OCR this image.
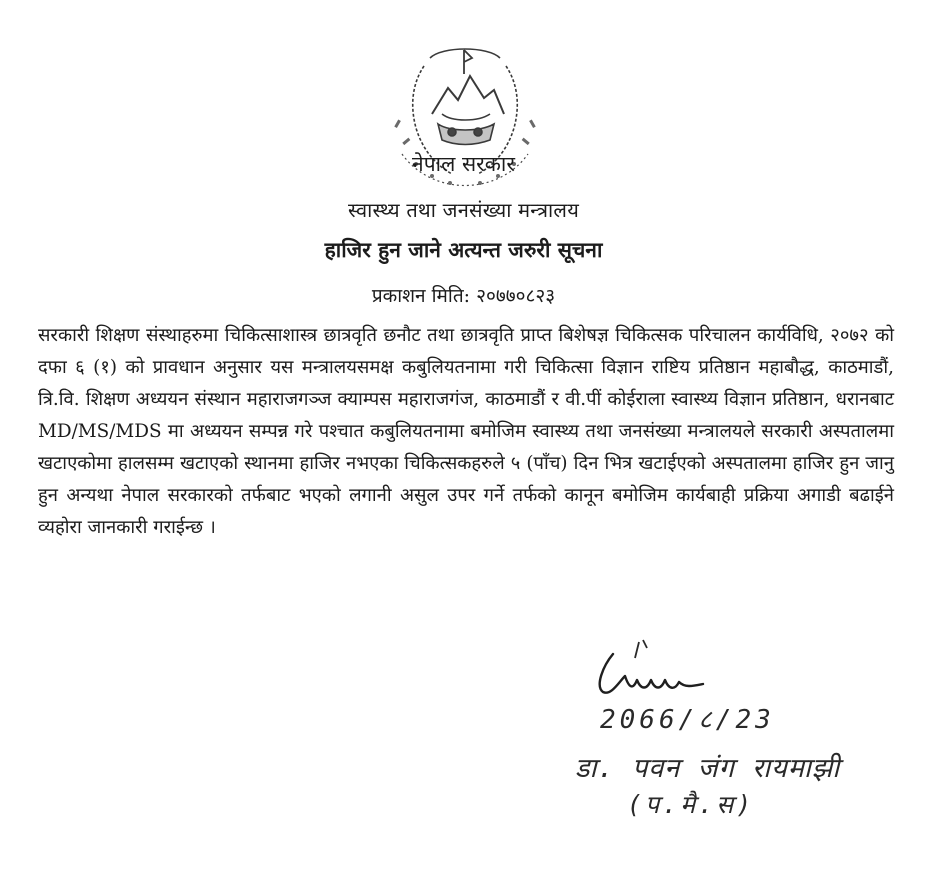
नेपाल सरकार
स्वास्थ्य तथा जनसंख्या मन्त्रालय
हाजिर हुन जाने अत्यन्त जरुरी सूचना
प्रकाशन मिति: २०७७०८२३
सरकारी शिक्षण संस्थाहरुमा चिकित्साशास्त्र छात्रवृति छनौट तथा छात्रवृति प्राप्त बिशेषज्ञ चिकित्सक परिचालन कार्यविधि, २०७२ को दफा ६ (१) को प्रावधान अनुसार यस मन्त्रालयसमक्ष कबुलियतनामा गरी चिकित्सा विज्ञान राष्टिय प्रतिष्ठान महाबौद्ध, काठमाडौं, त्रि.वि. शिक्षण अध्ययन संस्थान महाराजगञ्ज क्याम्पस महाराजगंज, काठमाडौं र वी.पीं कोईराला स्वास्थ्य विज्ञान प्रतिष्ठान, धरानबाट MD/MS/MDS मा अध्ययन सम्पन्न गरे पश्चात कबुलियतनामा बमोजिम स्वास्थ्य तथा जनसंख्या मन्त्रालयले सरकारी अस्पतालमा खटाएकोमा हालसम्म खटाएको स्थानमा हाजिर नभएका चिकित्सकहरुले ५ (पाँच) दिन भित्र खटाईएको अस्पतालमा हाजिर हुन जानु हुन अन्यथा नेपाल सरकारको तर्फबाट भएको लगानी असुल उपर गर्ने तर्फको कानून बमोजिम कार्यबाही प्रक्रिया अगाडी बढाईने व्यहोरा जानकारी गराईन्छ ।
2066/८/23
डा. पवन जंग रायमाझी
(प.मै.स)
